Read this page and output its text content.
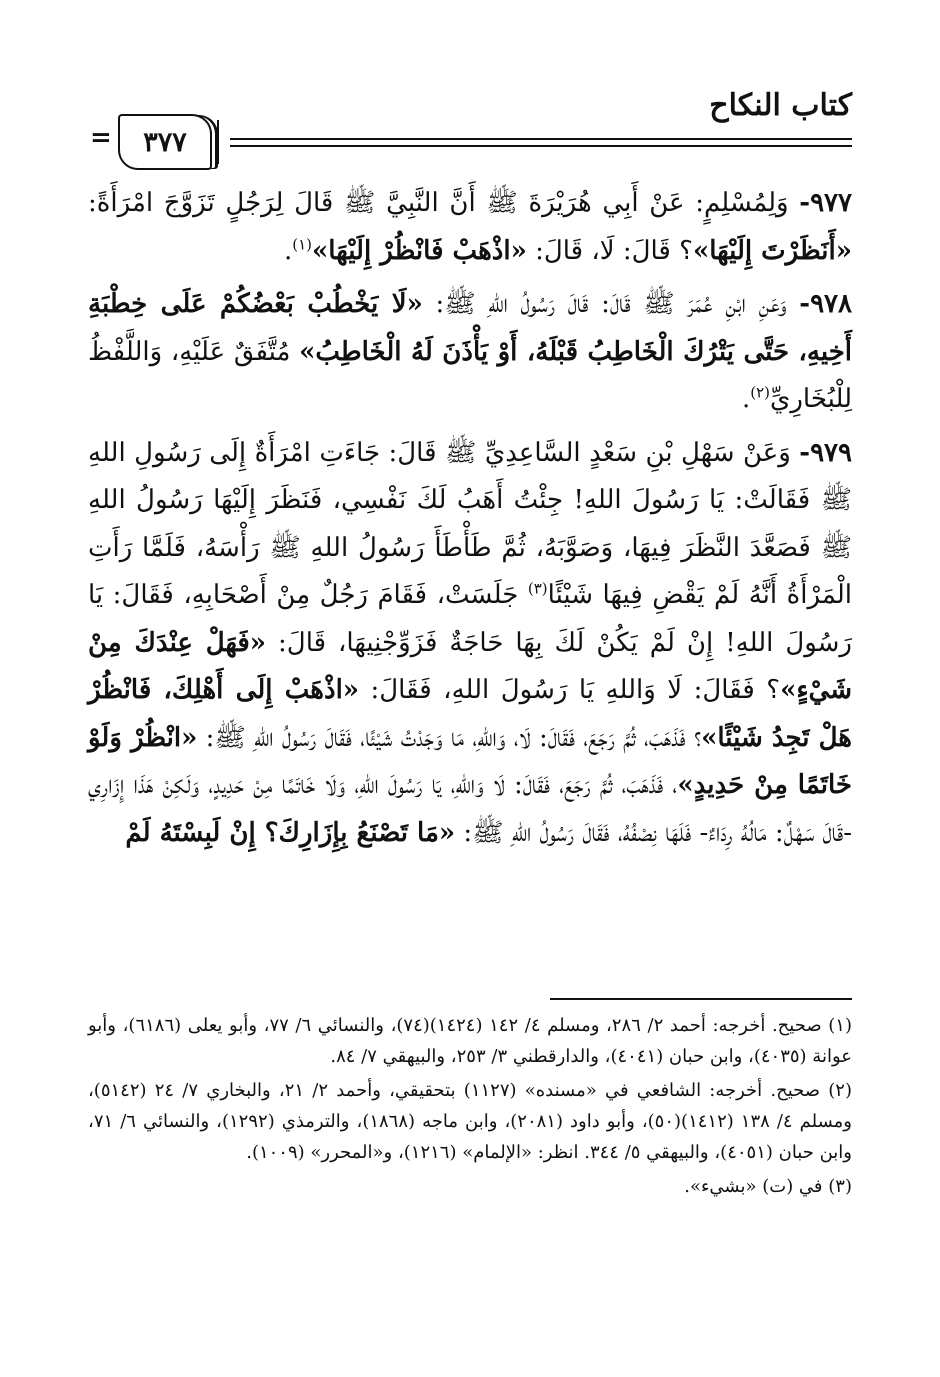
كتاب النكاح
٣٧٧
=

٩٧٧- وَلِمُسْلِمٍ: عَنْ أَبِي هُرَيْرَةَ ﷺ أَنَّ النَّبِيَّ ﷺ قَالَ لِرَجُلٍ تَزَوَّجَ امْرَأَةً: «أَنَظَرْتَ إِلَيْهَا»؟ قَالَ: لَا، قَالَ: «اذْهَبْ فَانْظُرْ إِلَيْهَا»$^{(١)}$.

٩٧٨- وَعَنِ ابْنِ عُمَرَ ﷺ قَالَ: قَالَ رَسُولُ اللهِ ﷺ: «لَا يَخْطُبْ بَعْضُكُمْ عَلَى خِطْبَةِ أَخِيهِ، حَتَّى يَتْرُكَ الْخَاطِبُ قَبْلَهُ، أَوْ يَأْذَنَ لَهُ الْخَاطِبُ» مُتَّفَقٌ عَلَيْهِ، وَاللَّفْظُ لِلْبُخَارِيِّ$^{(٢)}$.

٩٧٩- وَعَنْ سَهْلِ بْنِ سَعْدٍ السَّاعِدِيِّ ﷺ قَالَ: جَاءَتِ امْرَأَةٌ إِلَى رَسُولِ اللهِ ﷺ فَقَالَتْ: يَا رَسُولَ اللهِ! جِئْتُ أَهَبُ لَكَ نَفْسِي، فَنَظَرَ إِلَيْهَا رَسُولُ اللهِ ﷺ فَصَعَّدَ النَّظَرَ فِيهَا، وَصَوَّبَهُ، ثُمَّ طَأْطَأَ رَسُولُ اللهِ ﷺ رَأْسَهُ، فَلَمَّا رَأَتِ الْمَرْأَةُ أَنَّهُ لَمْ يَقْضِ فِيهَا شَيْئًا$^{(٣)}$ جَلَسَتْ، فَقَامَ رَجُلٌ مِنْ أَصْحَابِهِ، فَقَالَ: يَا رَسُولَ اللهِ! إِنْ لَمْ يَكُنْ لَكَ بِهَا حَاجَةٌ فَزَوِّجْنِيهَا، قَالَ: «فَهَلْ عِنْدَكَ مِنْ شَيْءٍ»؟ فَقَالَ: لَا وَاللهِ يَا رَسُولَ اللهِ، فَقَالَ: «اذْهَبْ إِلَى أَهْلِكَ، فَانْظُرْ هَلْ تَجِدُ شَيْئًا»؟ فَذَهَبَ، ثُمَّ رَجَعَ، فَقَالَ: لَا، وَاللهِ، مَا وَجَدْتُ شَيْئًا، فَقَالَ رَسُولُ اللهِ ﷺ: «انْظُرْ وَلَوْ خَاتَمًا مِنْ حَدِيدٍ»، فَذَهَبَ، ثُمَّ رَجَعَ، فَقَالَ: لَا وَاللهِ، يَا رَسُولَ اللهِ، وَلَا خَاتَمًا مِنْ حَدِيدٍ، وَلَكِنْ هَذَا إِزَارِي -قَالَ سَهْلٌ: مَالُهُ رِدَاءٌ- فَلَهَا نِصْفُهُ، فَقَالَ رَسُولُ اللهِ ﷺ: «مَا تَصْنَعُ بِإِزَارِكَ؟ إِنْ لَبِسْتَهُ لَمْ

(١) صحيح. أخرجه: أحمد ٢/ ٢٨٦، ومسلم ٤/ ١٤٢ (١٤٢٤)(٧٤)، والنسائي ٦/ ٧٧، وأبو يعلى (٦١٨٦)، وأبو عوانة (٤٠٣٥)، وابن حبان (٤٠٤١)، والدارقطني ٣/ ٢٥٣، والبيهقي ٧/ ٨٤.

(٢) صحيح. أخرجه: الشافعي في «مسنده» (١١٢٧) بتحقيقي، وأحمد ٢/ ٢١، والبخاري ٧/ ٢٤ (٥١٤٢)، ومسلم ٤/ ١٣٨ (١٤١٢)(٥٠)، وأبو داود (٢٠٨١)، وابن ماجه (١٨٦٨)، والترمذي (١٢٩٢)، والنسائي ٦/ ٧١، وابن حبان (٤٠٥١)، والبيهقي ٥/ ٣٤٤. انظر: «الإلمام» (١٢١٦)، و«المحرر» (١٠٠٩).

(٣) في (ت) «بشيء».
